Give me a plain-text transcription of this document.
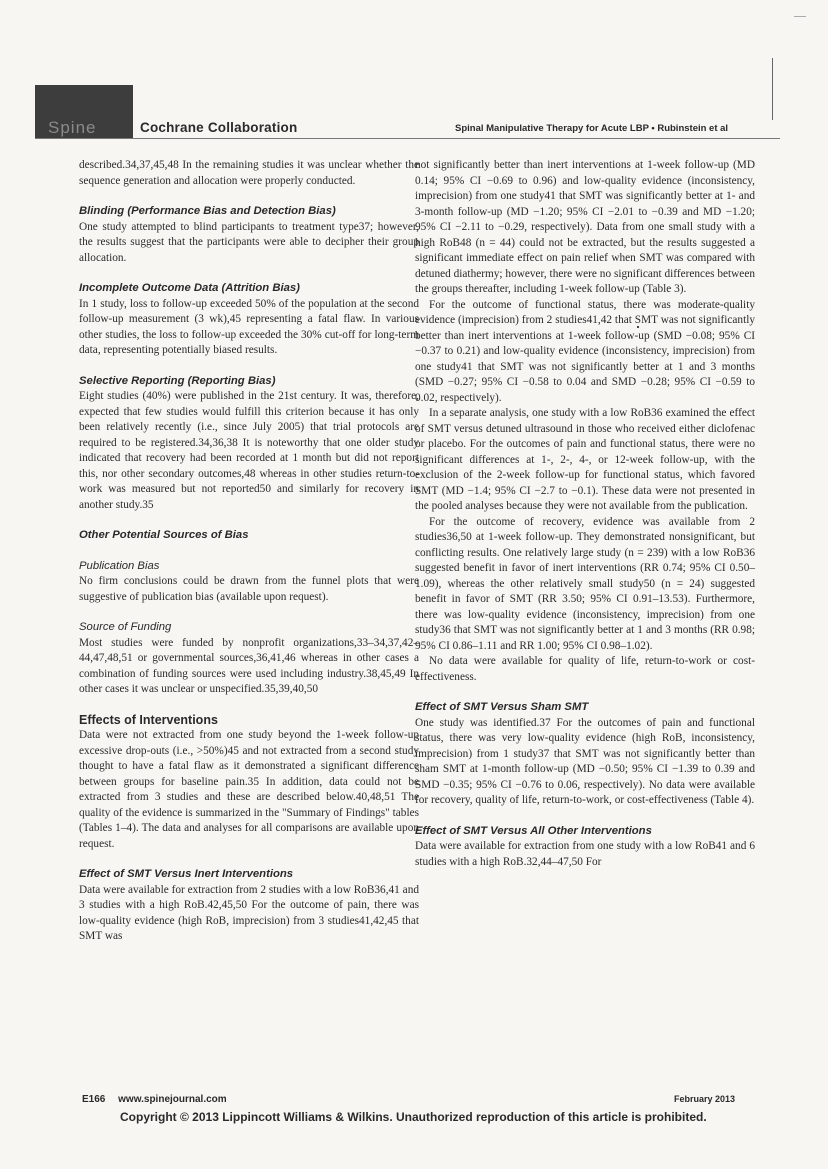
Spine	Cochrane Collaboration	Spinal Manipulative Therapy for Acute LBP • Rubinstein et al

described.34,37,45,48 In the remaining studies it was unclear whether the sequence generation and allocation were properly conducted.

Blinding (Performance Bias and Detection Bias)

One study attempted to blind participants to treatment type37; however, the results suggest that the participants were able to decipher their group allocation.

Incomplete Outcome Data (Attrition Bias)

In 1 study, loss to follow-up exceeded 50% of the population at the second follow-up measurement (3 wk),45 representing a fatal flaw. In various other studies, the loss to follow-up exceeded the 30% cut-off for long-term data, representing potentially biased results.

Selective Reporting (Reporting Bias)

Eight studies (40%) were published in the 21st century. It was, therefore, expected that few studies would fulfill this criterion because it has only been relatively recently (i.e., since July 2005) that trial protocols are required to be registered.34,36,38 It is noteworthy that one older study indicated that recovery had been recorded at 1 month but did not report this, nor other secondary outcomes,48 whereas in other studies return-to-work was measured but not reported50 and similarly for recovery in another study.35

Other Potential Sources of Bias
Publication Bias

No firm conclusions could be drawn from the funnel plots that were suggestive of publication bias (available upon request).

Source of Funding

Most studies were funded by nonprofit organizations,33–34,37,42–44,47,48,51 or governmental sources,36,41,46 whereas in other cases a combination of funding sources were used including industry.38,45,49 In other cases it was unclear or unspecified.35,39,40,50

Effects of Interventions

Data were not extracted from one study beyond the 1-week follow-up excessive drop-outs (i.e., >50%)45 and not extracted from a second study thought to have a fatal flaw as it demonstrated a significant difference between groups for baseline pain.35 In addition, data could not be extracted from 3 studies and these are described below.40,48,51 The quality of the evidence is summarized in the "Summary of Findings" tables (Tables 1–4). The data and analyses for all comparisons are available upon request.

Effect of SMT Versus Inert Interventions

Data were available for extraction from 2 studies with a low RoB36,41 and 3 studies with a high RoB.42,45,50 For the outcome of pain, there was low-quality evidence (high RoB, imprecision) from 3 studies41,42,45 that SMT was

not significantly better than inert interventions at 1-week follow-up (MD 0.14; 95% CI −0.69 to 0.96) and low-quality evidence (inconsistency, imprecision) from one study41 that SMT was significantly better at 1- and 3-month follow-up (MD −1.20; 95% CI −2.01 to −0.39 and MD −1.20; 95% CI −2.11 to −0.29, respectively). Data from one small study with a high RoB48 (n = 44) could not be extracted, but the results suggested a significant immediate effect on pain relief when SMT was compared with detuned diathermy; however, there were no significant differences between the groups thereafter, including 1-week follow-up (Table 3).

For the outcome of functional status, there was moderate-quality evidence (imprecision) from 2 studies41,42 that SMT was not significantly better than inert interventions at 1-week follow-up (SMD −0.08; 95% CI −0.37 to 0.21) and low-quality evidence (inconsistency, imprecision) from one study41 that SMT was not significantly better at 1 and 3 months (SMD −0.27; 95% CI −0.58 to 0.04 and SMD −0.28; 95% CI −0.59 to 0.02, respectively).

In a separate analysis, one study with a low RoB36 examined the effect of SMT versus detuned ultrasound in those who received either diclofenac or placebo. For the outcomes of pain and functional status, there were no significant differences at 1-, 2-, 4-, or 12-week follow-up, with the exclusion of the 2-week follow-up for functional status, which favored SMT (MD −1.4; 95% CI −2.7 to −0.1). These data were not presented in the pooled analyses because they were not available from the publication.

For the outcome of recovery, evidence was available from 2 studies36,50 at 1-week follow-up. They demonstrated nonsignificant, but conflicting results. One relatively large study (n = 239) with a low RoB36 suggested benefit in favor of inert interventions (RR 0.74; 95% CI 0.50–1.09), whereas the other relatively small study50 (n = 24) suggested benefit in favor of SMT (RR 3.50; 95% CI 0.91–13.53). Furthermore, there was low-quality evidence (inconsistency, imprecision) from one study36 that SMT was not significantly better at 1 and 3 months (RR 0.98; 95% CI 0.86–1.11 and RR 1.00; 95% CI 0.98–1.02).

No data were available for quality of life, return-to-work or cost-effectiveness.

Effect of SMT Versus Sham SMT

One study was identified.37 For the outcomes of pain and functional status, there was very low-quality evidence (high RoB, inconsistency, imprecision) from 1 study37 that SMT was not significantly better than sham SMT at 1-month follow-up (MD −0.50; 95% CI −1.39 to 0.39 and SMD −0.35; 95% CI −0.76 to 0.06, respectively). No data were available for recovery, quality of life, return-to-work, or cost-effectiveness (Table 4).

Effect of SMT Versus All Other Interventions

Data were available for extraction from one study with a low RoB41 and 6 studies with a high RoB.32,44–47,50 For

E166 www.spinejournal.com	February 2013
Copyright © 2013 Lippincott Williams & Wilkins. Unauthorized reproduction of this article is prohibited.
